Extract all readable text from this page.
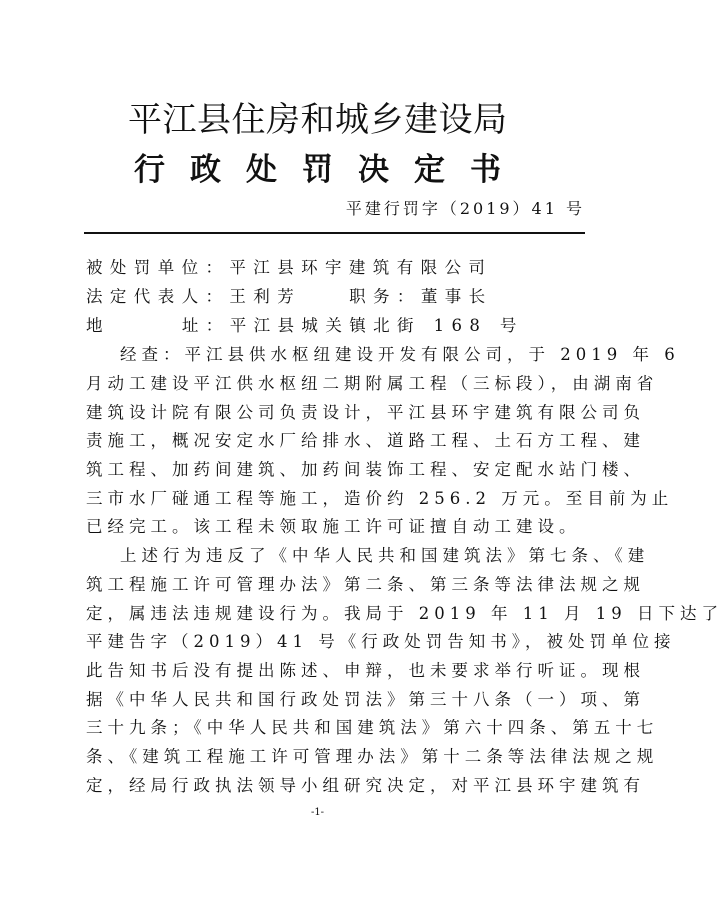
平江县住房和城乡建设局
行 政 处 罚 决 定 书
平建行罚字（2019）41 号
被处罚单位：平江县环宇建筑有限公司
法定代表人：王利芳	职务：董事长
地	址：平江县城关镇北街 168 号
经查：平江县供水枢纽建设开发有限公司，于 2019 年 6
月动工建设平江供水枢纽二期附属工程（三标段），由湖南省
建筑设计院有限公司负责设计，平江县环宇建筑有限公司负
责施工，概况安定水厂给排水、道路工程、土石方工程、建
筑工程、加药间建筑、加药间装饰工程、安定配水站门楼、
三市水厂碰通工程等施工，造价约 256.2 万元。至目前为止
已经完工。该工程未领取施工许可证擅自动工建设。
上述行为违反了《中华人民共和国建筑法》第七条、《建
筑工程施工许可管理办法》第二条、第三条等法律法规之规
定，属违法违规建设行为。我局于 2019 年 11 月 19 日下达了
平建告字（2019）41 号《行政处罚告知书》，被处罚单位接
此告知书后没有提出陈述、申辩，也未要求举行听证。现根
据《中华人民共和国行政处罚法》第三十八条（一）项、第
三十九条；《中华人民共和国建筑法》第六十四条、第五十七
条、《建筑工程施工许可管理办法》第十二条等法律法规之规
定，经局行政执法领导小组研究决定，对平江县环宇建筑有
-1-
